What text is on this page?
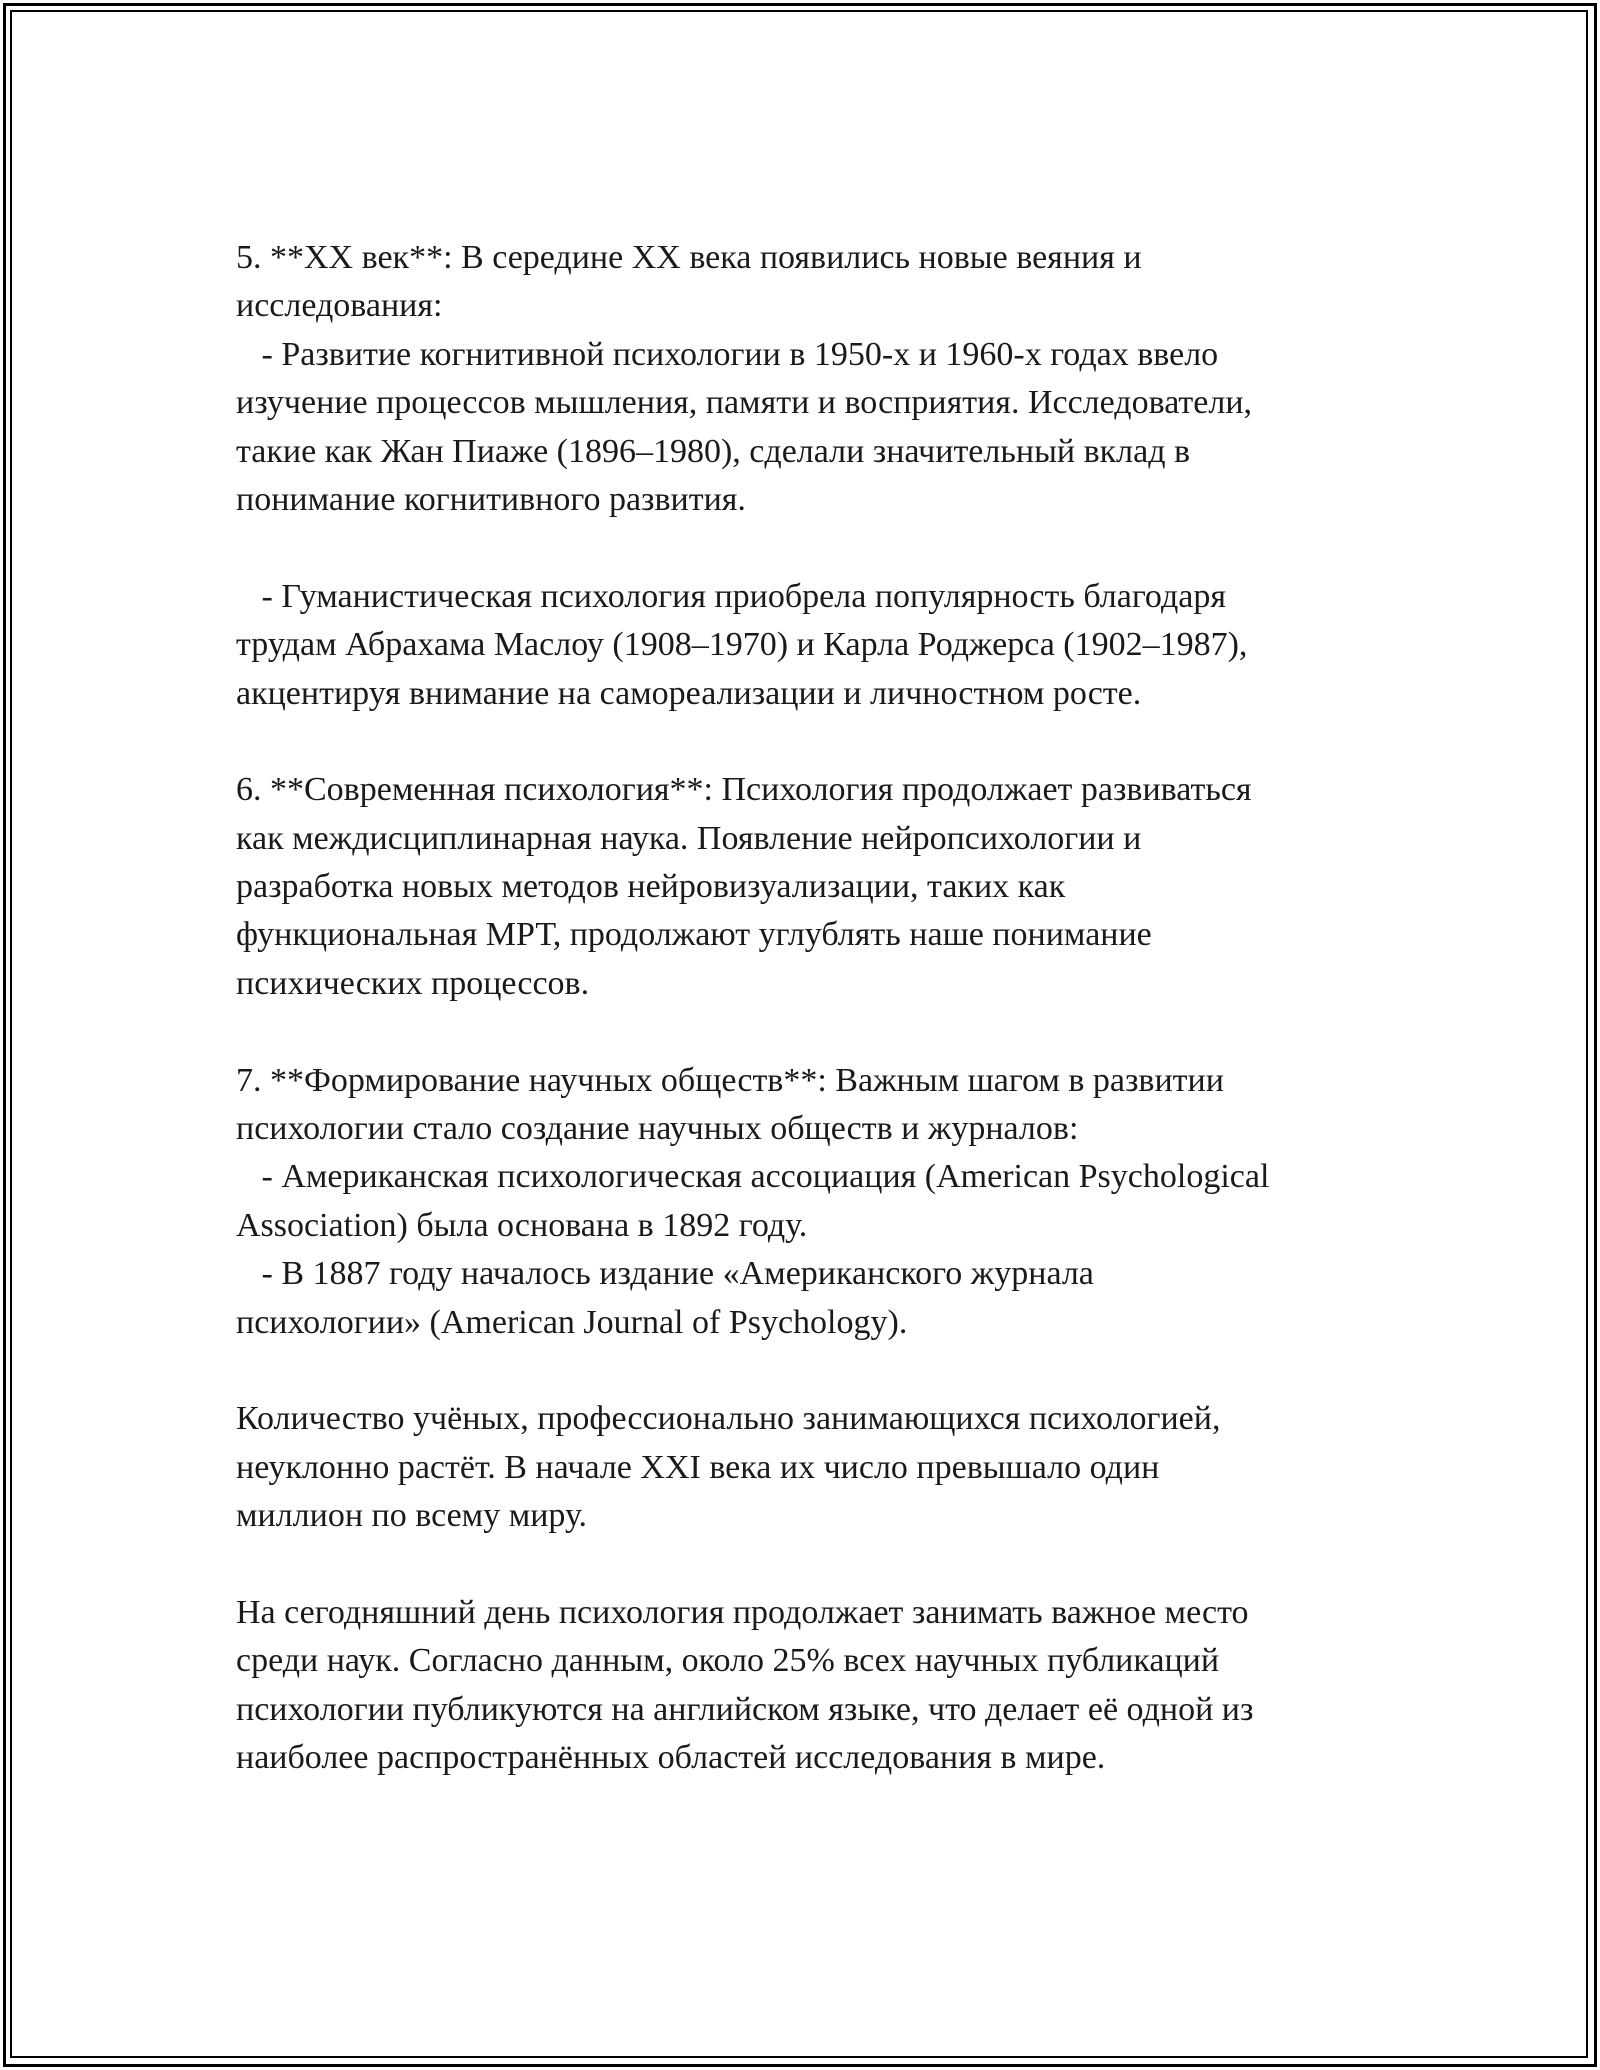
5. **XX век**: В середине XX века появились новые веяния и
исследования:
- Развитие когнитивной психологии в 1950-х и 1960-х годах ввело
изучение процессов мышления, памяти и восприятия. Исследователи,
такие как Жан Пиаже (1896–1980), сделали значительный вклад в
понимание когнитивного развития.
- Гуманистическая психология приобрела популярность благодаря
трудам Абрахама Маслоу (1908–1970) и Карла Роджерса (1902–1987),
акцентируя внимание на самореализации и личностном росте.
6. **Современная психология**: Психология продолжает развиваться
как междисциплинарная наука. Появление нейропсихологии и
разработка новых методов нейровизуализации, таких как
функциональная МРТ, продолжают углублять наше понимание
психических процессов.
7. **Формирование научных обществ**: Важным шагом в развитии
психологии стало создание научных обществ и журналов:
- Американская психологическая ассоциация (American Psychological
Association) была основана в 1892 году.
- В 1887 году началось издание «Американского журнала
психологии» (American Journal of Psychology).
Количество учёных, профессионально занимающихся психологией,
неуклонно растёт. В начале XXI века их число превышало один
миллион по всему миру.
На сегодняшний день психология продолжает занимать важное место
среди наук. Согласно данным, около 25% всех научных публикаций
психологии публикуются на английском языке, что делает её одной из
наиболее распространённых областей исследования в мире.
